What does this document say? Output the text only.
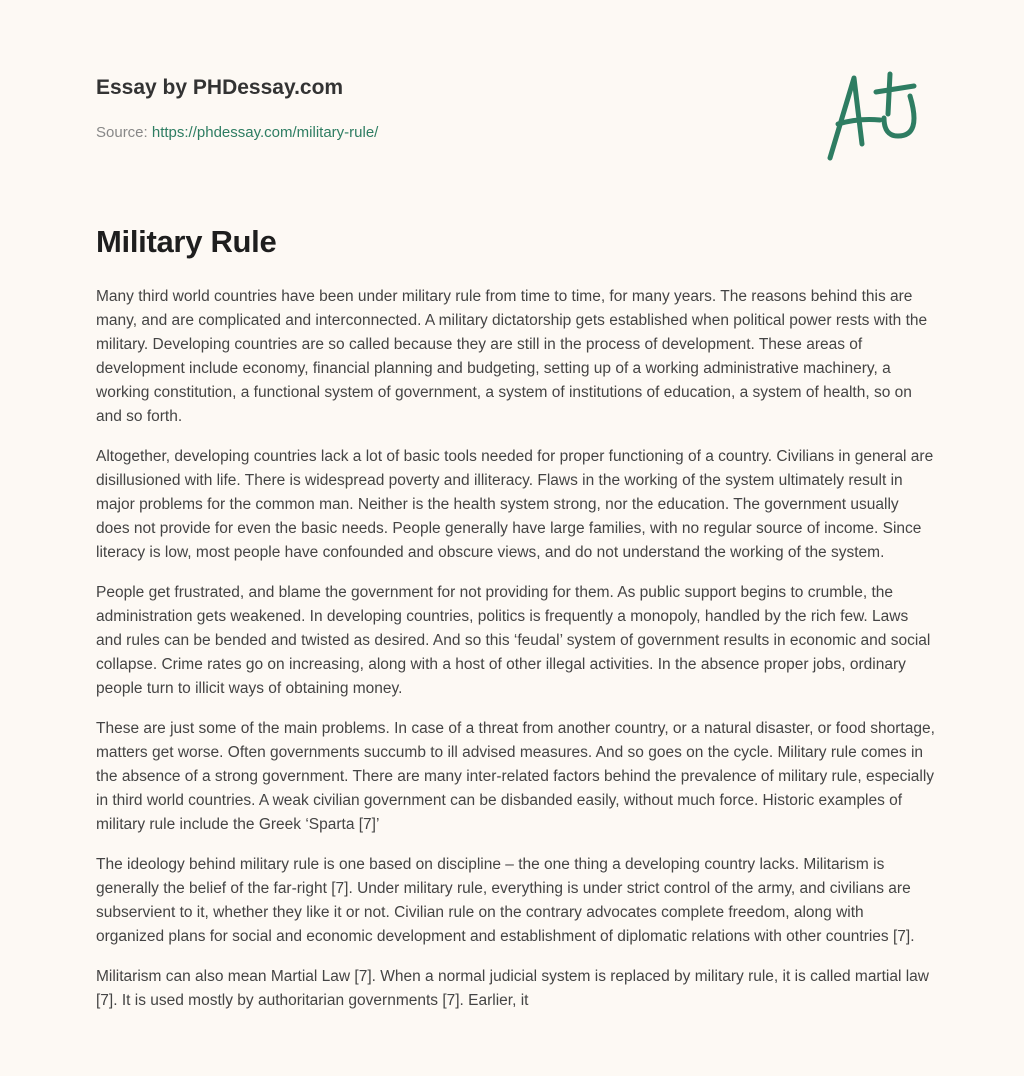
Essay by PHDessay.com
Source: https://phdessay.com/military-rule/
Military Rule

Many third world countries have been under military rule from time to time, for many years. The reasons behind this are many, and are complicated and interconnected. A military dictatorship gets established when political power rests with the military. Developing countries are so called because they are still in the process of development. These areas of development include economy, financial planning and budgeting, setting up of a working administrative machinery, a working constitution, a functional system of government, a system of institutions of education, a system of health, so on and so forth.

Altogether, developing countries lack a lot of basic tools needed for proper functioning of a country. Civilians in general are disillusioned with life. There is widespread poverty and illiteracy. Flaws in the working of the system ultimately result in major problems for the common man. Neither is the health system strong, nor the education. The government usually does not provide for even the basic needs. People generally have large families, with no regular source of income. Since literacy is low, most people have confounded and obscure views, and do not understand the working of the system.

People get frustrated, and blame the government for not providing for them. As public support begins to crumble, the administration gets weakened. In developing countries, politics is frequently a monopoly, handled by the rich few. Laws and rules can be bended and twisted as desired. And so this ‘feudal’ system of government results in economic and social collapse. Crime rates go on increasing, along with a host of other illegal activities. In the absence proper jobs, ordinary people turn to illicit ways of obtaining money.

These are just some of the main problems. In case of a threat from another country, or a natural disaster, or food shortage, matters get worse. Often governments succumb to ill advised measures. And so goes on the cycle. Military rule comes in the absence of a strong government. There are many inter-related factors behind the prevalence of military rule, especially in third world countries. A weak civilian government can be disbanded easily, without much force. Historic examples of military rule include the Greek ‘Sparta [7]’

The ideology behind military rule is one based on discipline – the one thing a developing country lacks. Militarism is generally the belief of the far-right [7]. Under military rule, everything is under strict control of the army, and civilians are subservient to it, whether they like it or not. Civilian rule on the contrary advocates complete freedom, along with organized plans for social and economic development and establishment of diplomatic relations with other countries [7].

Militarism can also mean Martial Law [7]. When a normal judicial system is replaced by military rule, it is called martial law [7]. It is used mostly by authoritarian governments [7]. Earlier, it
